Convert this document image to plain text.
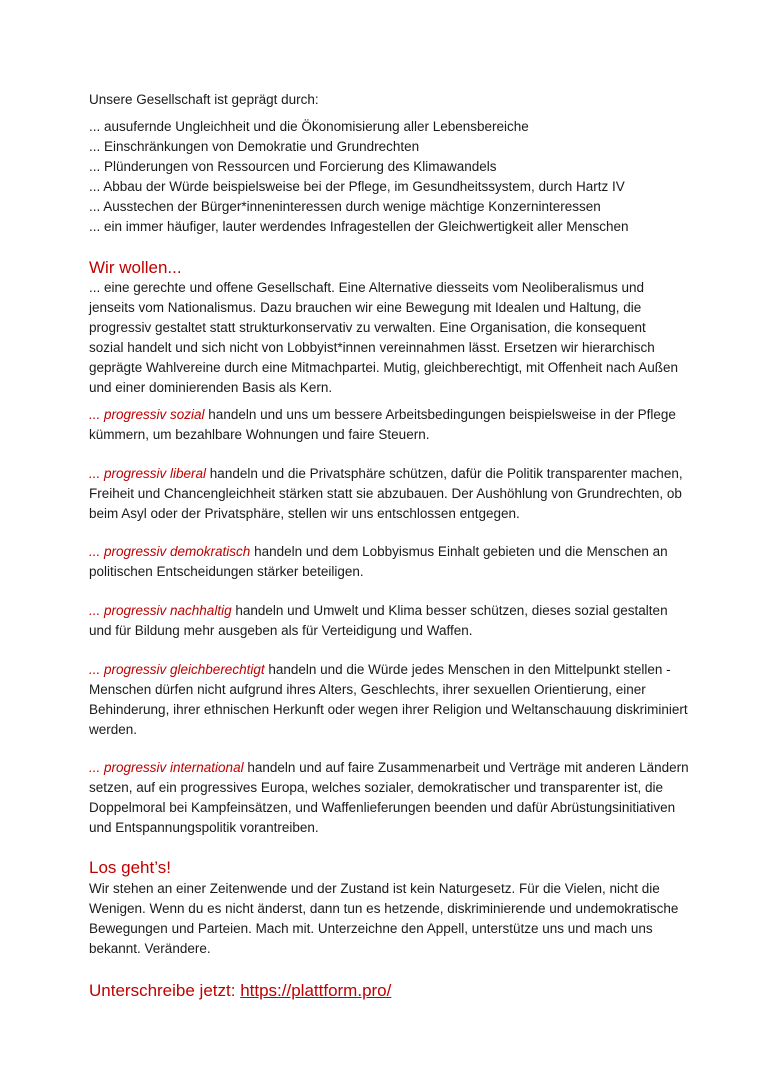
Unsere Gesellschaft ist geprägt durch:

... ausufernde Ungleichheit und die Ökonomisierung aller Lebensbereiche
... Einschränkungen von Demokratie und Grundrechten
... Plünderungen von Ressourcen und Forcierung des Klimawandels
... Abbau der Würde beispielsweise bei der Pflege, im Gesundheitssystem, durch Hartz IV
... Ausstechen der Bürger*inneninteressen durch wenige mächtige Konzerninteressen
... ein immer häufiger, lauter werdendes Infragestellen der Gleichwertigkeit aller Menschen
Wir wollen...

... eine gerechte und offene Gesellschaft. Eine Alternative diesseits vom Neoliberalismus und jenseits vom Nationalismus. Dazu brauchen wir eine Bewegung mit Idealen und Haltung, die progressiv gestaltet statt strukturkonservativ zu verwalten. Eine Organisation, die konsequent sozial handelt und sich nicht von Lobbyist*innen vereinnahmen lässt. Ersetzen wir hierarchisch geprägte Wahlvereine durch eine Mitmachpartei. Mutig, gleichberechtigt, mit Offenheit nach Außen und einer dominierenden Basis als Kern.

... progressiv sozial handeln und uns um bessere Arbeitsbedingungen beispielsweise in der Pflege kümmern, um bezahlbare Wohnungen und faire Steuern.

... progressiv liberal handeln und die Privatsphäre schützen, dafür die Politik transparenter machen, Freiheit und Chancengleichheit stärken statt sie abzubauen. Der Aushöhlung von Grundrechten, ob beim Asyl oder der Privatsphäre, stellen wir uns entschlossen entgegen.

... progressiv demokratisch handeln und dem Lobbyismus Einhalt gebieten und die Menschen an politischen Entscheidungen stärker beteiligen.

... progressiv nachhaltig handeln und Umwelt und Klima besser schützen, dieses sozial gestalten und für Bildung mehr ausgeben als für Verteidigung und Waffen.

... progressiv gleichberechtigt handeln und die Würde jedes Menschen in den Mittelpunkt stellen - Menschen dürfen nicht aufgrund ihres Alters, Geschlechts, ihrer sexuellen Orientierung, einer Behinderung, ihrer ethnischen Herkunft oder wegen ihrer Religion und Weltanschauung diskriminiert werden.

... progressiv international handeln und auf faire Zusammenarbeit und Verträge mit anderen Ländern setzen, auf ein progressives Europa, welches sozialer, demokratischer und transparenter ist, die Doppelmoral bei Kampfeinsätzen, und Waffenlieferungen beenden und dafür Abrüstungsinitiativen und Entspannungspolitik vorantreiben.

Los geht’s!

Wir stehen an einer Zeitenwende und der Zustand ist kein Naturgesetz. Für die Vielen, nicht die Wenigen. Wenn du es nicht änderst, dann tun es hetzende, diskriminierende und undemokratische Bewegungen und Parteien. Mach mit. Unterzeichne den Appell, unterstütze uns und mach uns bekannt. Verändere.

Unterschreibe jetzt: https://plattform.pro/
